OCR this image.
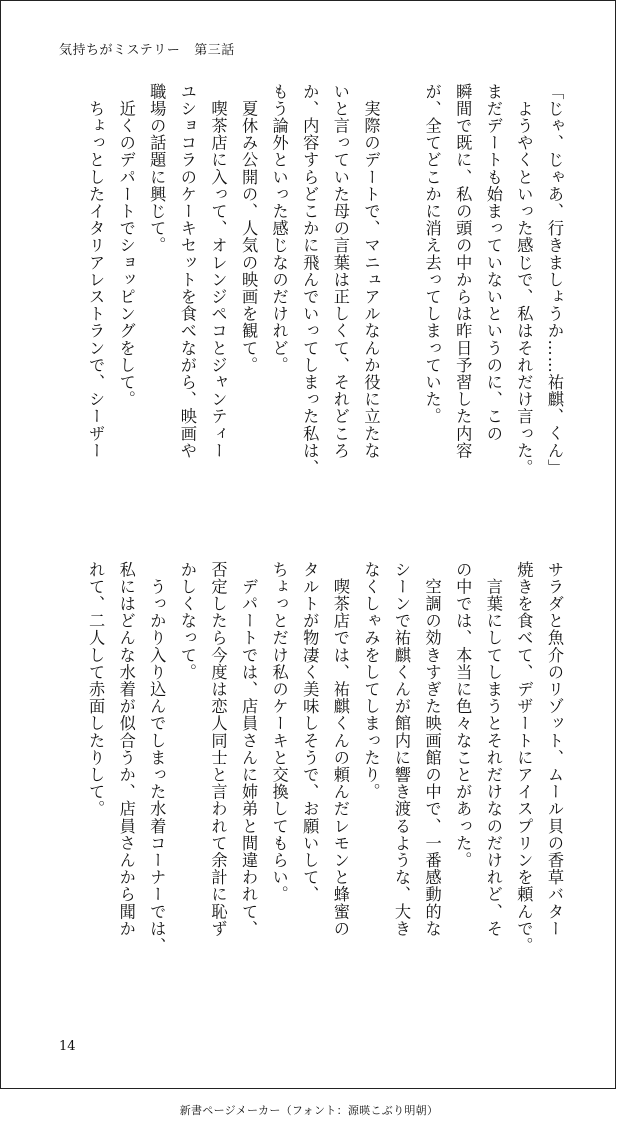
気持ちがミステリー 第三話
「じゃ、じゃあ、行きましょうか……祐麒、くん」
　ようやくといった感じで、私はそれだけ言った。
まだデートも始まっていないというのに、この
瞬間で既に、私の頭の中からは昨日予習した内容
が、全てどこかに消え去ってしまっていた。

　実際のデートで、マニュアルなんか役に立たな
いと言っていた母の言葉は正しくて、それどころ
か、内容すらどこかに飛んでいってしまった私は、
もう論外といった感じなのだけれど。
　夏休み公開の、人気の映画を観て。
　喫茶店に入って、オレンジペコとジャンティー
ユショコラのケーキセットを食べながら、映画や
職場の話題に興じて。
　近くのデパートでショッピングをして。
　ちょっとしたイタリアレストランで、シーザー
サラダと魚介のリゾット、ムール貝の香草バター
焼きを食べて、デザートにアイスプリンを頼んで。
　言葉にしてしまうとそれだけなのだけれど、そ
の中では、本当に色々なことがあった。
　空調の効きすぎた映画館の中で、一番感動的な
シーンで祐麒くんが館内に響き渡るような、大き
なくしゃみをしてしまったり。
　喫茶店では、祐麒くんの頼んだレモンと蜂蜜の
タルトが物凄く美味しそうで、お願いして、
ちょっとだけ私のケーキと交換してもらい。
　デパートでは、店員さんに姉弟と間違われて、
否定したら今度は恋人同士と言われて余計に恥ず
かしくなって。
　うっかり入り込んでしまった水着コーナーでは、
私にはどんな水着が似合うか、店員さんから聞か
れて、二人して赤面したりして。
14
新書ページメーカー（フォント：源暎こぶり明朝）
